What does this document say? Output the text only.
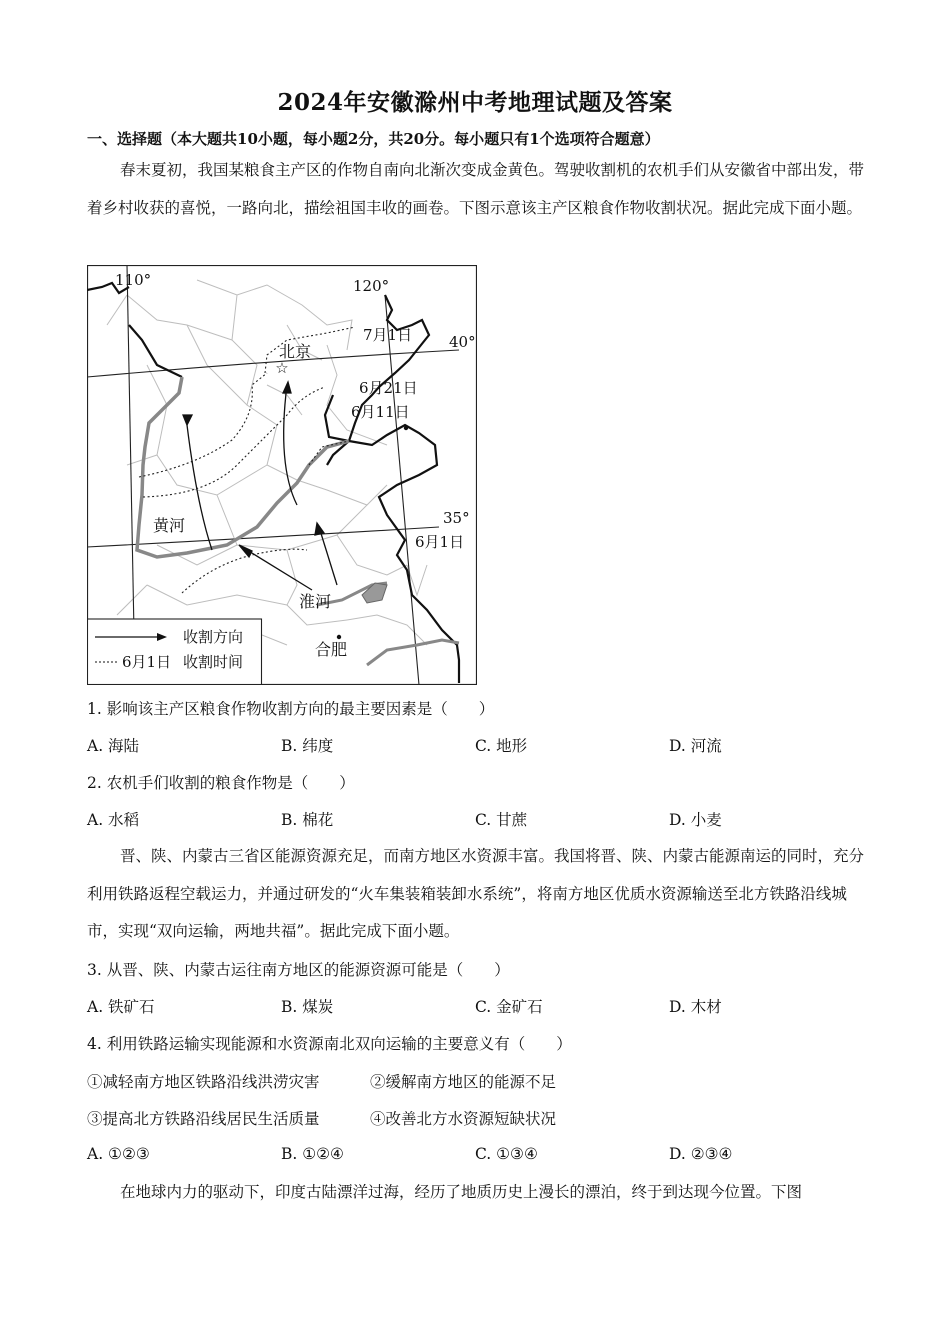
2024年安徽滁州中考地理试题及答案
一、选择题（本大题共10小题，每小题2分，共20分。每小题只有1个选项符合题意）
春末夏初，我国某粮食主产区的作物自南向北渐次变成金黄色。驾驶收割机的农机手们从安徽省中部出发，带着乡村收获的喜悦，一路向北，描绘祖国丰收的画卷。下图示意该主产区粮食作物收割状况。据此完成下面小题。
☆
110°	120°
40°
35°
北京
黄河
淮河
合肥
7月1日
6月21日
6月11日
6月1日
收割方向
6月1日 收割时间
1. 影响该主产区粮食作物收割方向的最主要因素是（　　）
A. 海陆	B. 纬度	C. 地形	D. 河流
2. 农机手们收割的粮食作物是（　　）
A. 水稻	B. 棉花	C. 甘蔗	D. 小麦
晋、陕、内蒙古三省区能源资源充足，而南方地区水资源丰富。我国将晋、陕、内蒙古能源南运的同时，充分利用铁路返程空载运力，并通过研发的“火车集装箱装卸水系统”，将南方地区优质水资源输送至北方铁路沿线城市，实现“双向运输，两地共福”。据此完成下面小题。
3. 从晋、陕、内蒙古运往南方地区的能源资源可能是（　　）
A. 铁矿石	B. 煤炭	C. 金矿石	D. 木材
4. 利用铁路运输实现能源和水资源南北双向运输的主要意义有（　　）
①减轻南方地区铁路沿线洪涝灾害	②缓解南方地区的能源不足
③提高北方铁路沿线居民生活质量	④改善北方水资源短缺状况
A. ①②③	B. ①②④	C. ①③④	D. ②③④
在地球内力的驱动下，印度古陆漂洋过海，经历了地质历史上漫长的漂泊，终于到达现今位置。下图
